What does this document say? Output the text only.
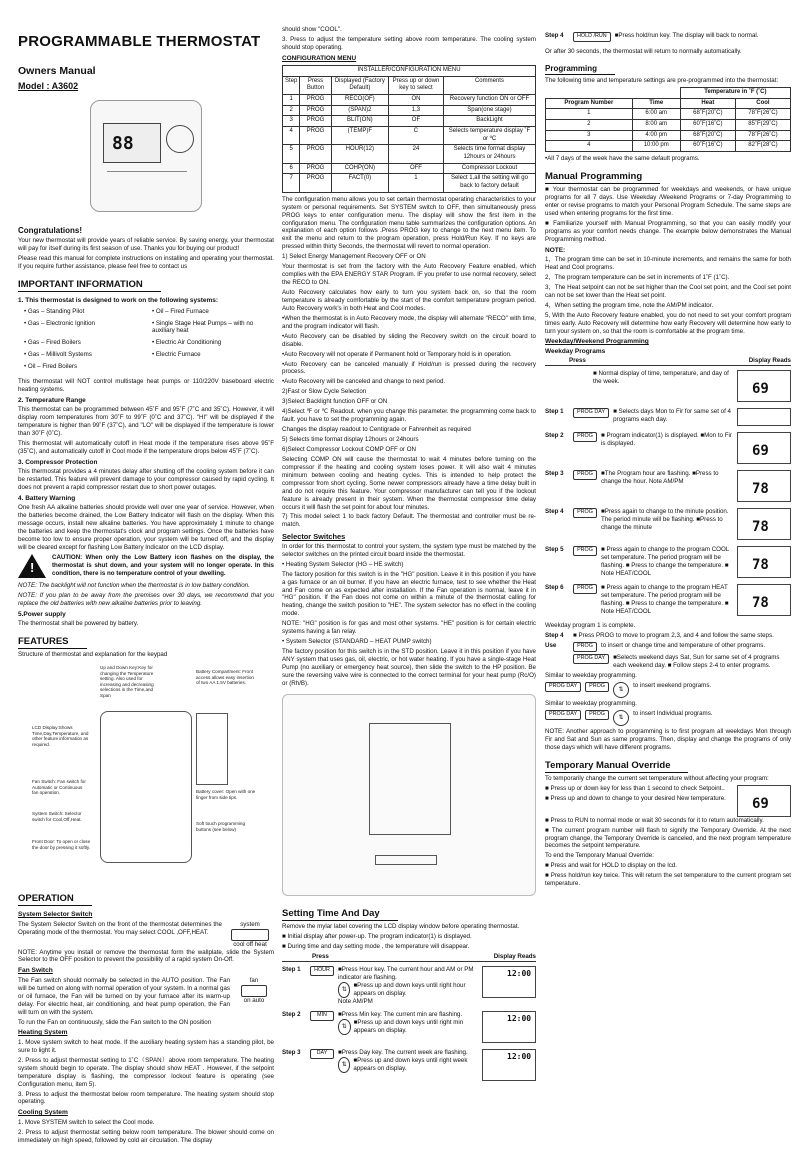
PROGRAMMABLE THERMOSTAT

Owners Manual

Model : A3602

88
Congratulations!

Your new thermostat will provide years of reliable service. By saving energy, your thermostat will pay for itself during its first season of use. Thanks you for buying our product!

Please read this manual for complete instructions on installing and operating your thermostat. If you require further assistance, please feel free to contact us

IMPORTANT INFORMATION
1. This thermostat is designed to work on the following systems:
• Gas – Standing Pilot	• Oil – Fired Furnace
• Gas – Electronic Ignition	• Single Stage Heat Pumps – with no auxiliary heat
• Gas – Fired Boilers	• Electric Air Conditioning
• Gas – Millivolt Systems	• Electric Furnace
• Oil – Fired Boilers

This thermostat will NOT control multistage heat pumps or 110/220V baseboard electric heating systems.

2. Temperature Range

This thermostat can be programmed between 45˚F and 95˚F (7˚C and 35˚C). However, it will display room temperatures from 30˚F to 99˚F (0˚C and 37˚C). "HI" will be displayed if the temperature is higher than 99˚F (37˚C), and "LO" will be displayed if the temperature is lower than 30˚F (0˚C).

This thermostat will automatically cutoff in Heat mode if the temperature rises above 95˚F (35˚C), and automatically cutoff in Cool mode if the temperature drops below 45˚F (7˚C).

3. Compressor Protection

This thermostat provides a 4 minutes delay after shutting off the cooling system before it can be restarted. This feature will prevent damage to your compressor caused by rapid cycling. It does not prevent a rapid compressor restart due to short power outages.

4. Battery Warning

One fresh AA alkaline batteries should provide well over one year of service. However, when the batteries become drained, the Low Battery Indicator will flash on the display. When this message occurs, install new alkaline batteries. You have approximately 1 minute to change the batteries and keep the thermostat's clock and program settings. Once the batteries have become too low to ensure proper operation, your system will be turned off, and the display will be cleared except for flashing Low Battery Indicator on the LCD display.

!

CAUTION: When only the Low Battery icon flashes on the display, the thermostat is shut down, and your system will no longer operate. In this condition, there is no temperature control of your dwelling.

NOTE: The backlight will not function when the thermostat is in low battery condition.

NOTE: If you plan to be away from the premises over 30 days, we recommend that you replace the old batteries with new alkaline batteries prior to leaving.

5.Power supply

The thermostat shall be powered by battery.

FEATURES

Structure of thermostat and explanation for the keypad

Up and Down Key:Key for changing the Temperature setting. Also used for increasing and decreasing selections in the Time,and Span
Battery Compartment: Front access allows easy insertion of two AA 1.5V batteries.
LCD Display:Shows Time,Day,Temperature, and other feature information as required.
Fan Switch: Fan switch for Automatic or Continuous fan operation.
System Switch: Selector switch for Cool,Off,Heat.
Front Door: To open or close the door by pressing it softly.
Battery cover: Open with one finger from side tips.
Soft touch programming buttons (see below)
OPERATION
System Selector Switch

The System Selector Switch on the front of the thermostat determines the Operating mode of the thermostat. You may select COOL ,OFF,HEAT.

system
cool off heat

NOTE: Anytime you install or remove the thermostat form the wallplate, slide the System Selector to the OFF position to prevent the possibility of a rapid system On-Off.

Fan Switch

The Fan switch should normally be selected in the AUTO position. The Fan will be turned on along with normal operation of your system. In a normal gas or oil furnace, the Fan will be turned on by your furnace after its warm-up delay. For electric heat, air conditioning, and heat pump operation, the Fan will turn on with the system.

fan
on auto

To run the Fan on continuously, slide the Fan switch to the ON position

Heating System

1. Move system switch to heat mode. If the auxiliary heating system has a standing pilot, be sure to light it.

2. Press to adjust thermostat setting to 1˚C（SPAN）above room temperature. The heating system should begin to operate. The display should show HEAT . However, if the setpoint temperature display is flashing, the compressor lockout feature is operating (see Configuration menu, item 5).

3. Press to adjust the thermostat below room temperature. The heating system should stop operating.

Cooling System

1. Move SYSTEM switch to select the Cool mode.

2. Press to adjust thermostat setting below room temperature. The blower should come on immediately on high speed, followed by cold air circulation. The display

should show "COOL".

3. Press to adjust the temperature setting above room temperature. The cooling system should stop operating.

CONFIGURATION MENU
INSTALLER/CONFIGURATION MENU				
Step	Press Button	Displayed (Factory Default)	Press up or down key to select	Comments
1	PROG	RECO(OF)	ON	Recovery function ON or OFF
2	PROG	(SPAN)2	1,3	Span(one stage)
3	PROG	BLIT(ON)	OF	BackLight
4	PROG	(TEMP)F	C	Selects temperature display ˚F or ºC
5	PROG	HOUR(12)	24	Selects time format display 12hours or 24hours
6	PROG	COHP(ON)	OFF	Compressor Lockout
7	PROG	FACT(0)	1	Select 1,all the setting will go back to factory default

The configuration menu allows you to set certain thermostat operating characteristics to your system or personal requirements. Set SYSTEM switch to OFF, then simultaneously press PROG keys to enter configuration menu. The display will show the first item in the configuration menu. The configuration menu table summarizes the configuration options. An explanation of each option follows .Press PROG key to change to the next menu item. To exit the menu and return to the program operation, press Hold/Run Key. If no keys are pressed within thirty Seconds, the thermostat will revert to normal operation.

1) Select Energy Management Recovery OFF or ON

Your thermostat is set from the factory with the Auto Recovery Feature enabled, which complies with the EPA ENERGY STAR Program. IF you prefer to use normal recovery, select the RECO to ON.

Auto Recovery calculates how early to turn you system back on, so that the room temperature is already comfortable by the start of the comfort temperature program period. Auto Recovery work's in both Heat and Cool modes.

•When the thermostat is in Auto Recovery mode, the display will alternate "RECO" with time, and the program indicator will flash.

•Auto Recovery can be disabled by sliding the Recovery switch on the circuit board to disable.

•Auto Recovery will not operate if Permanent hold or Temporary hold is in operation.

•Auto Recovery can be canceled manually if Hold/run is pressed during the recovery process.

•Auto Recovery will be canceled and change to next period.

2)Fast or Slow Cycle Selection

3)Select Backlight function OFF or ON

4)Select ℉ or ℃ Readout. when you change this parameter. the programming come back to fault. you have to set the programming again.

Changes the display readout to Centigrade or Fahrenheit as required

5) Selects time format display 12hours or 24hours

6)Select Compressor Lockout COMP OFF or ON

Selecting COMP ON will cause the thermostat to wait 4 minutes before turning on the compressor if the heating and cooling system loses power. It will also wait 4 minutes minimum between cooling and heating cycles. This is intended to help protect the compressor from short cycling. Some newer compressors already have a time delay built in and do not require this feature. Your compressor manufacturer can tell you if the lockout feature is already present in their system. When the thermostat compressor time delay occurs it will flash the set point for about four minutes.

7) This model select 1 to back factory Default. The thermostat and controller must be re-match.

Selector Switches

In order for this thermostat to control your system, the system type must be matched by the selector switches on the printed circuit board inside the thermostat.

• Heating System Selector (HG – HE switch)

The factory position for this switch is in the "HG" position. Leave it in this position if you have a gas furnace or an oil burner. If you have an electric furnace, test to see whether the Heat and Fan come on as expected after installation. If the Fan operation is normal, leave it in "HG" position. If the Fan does not come on within a minute of the thermostat calling for heating, change the switch position to "HE". The system selector has no effect in the cooling mode.

NOTE: "HG" position is for gas and most other systems. "HE" position is for certain electric systems having a fan relay.

• System Selector (STANDARD – HEAT PUMP switch)

The factory position for this switch is in the STD position. Leave it in this position if you have ANY system that uses gas, oil, electric, or hot water heating. If you have a single-stage Heat Pump (no auxiliary or emergency heat source), then slide the switch to the HP position. Be sure the reversing valve wire is connected to the correct terminal for your heat pump (Rc/O) or (Rh/B).

Setting Time And Day

Remove the mylar label covering the LCD display window before operating thermostat.

■ Initial display after power-up. The program indicator(1) is displayed.

■ During time and day setting mode , the temperature will disappear.

Press	Display Reads
Step 1	HOUR	■Press Hour key. The current hour and AM or PM indicator are flashing.
⇅
■Press up and down keys until right hour appears on display.
Note AM/PM
12:00
Step 2	MIN	■Press Min key. The current min are flashing.
⇅
■Press up and down keys until right min appears on display.
12:00
Step 3	DAY	■Press Day key. The current week are flashing.
⇅
■Press up and down keys until right week appears on display.
12:00
Step 4	HOLD /RUN	■Press hold/run key. The display will back to normal.

Or after 30 seconds, the thermostat will return to normally automatically.

Programming

The following time and temperature settings are pre-programmed into the thermostat:

		Temperature in ˚F (˚C)	
Program Number	Time	Heat	Cool
1	6:00 am	68˚F(20˚C)	78˚F(26˚C)
2	8:00 am	60˚F(16˚C)	85˚F(29˚C)
3	4:00 pm	68˚F(20˚C)	78˚F(26˚C)
4	10:00 pm	60˚F(16˚C)	82˚F(28˚C)

•All 7 days of the week have the same default programs.

Manual Programming

■ Your thermostat can be programmed for weekdays and weekends, or have unique programs for all 7 days. Use Weekday /Weekend Programs or 7-day Programming to enter or revise programs to match your Personal Program Schedule. The same steps are used when entering programs for the first time.

■ Familiarize yourself with Manual Programming, so that you can easily modify your programs as your comfort needs change. The example below demonstrates the Manual Programming method.

NOTE:

1，The program time can be set in 10-minute increments, and remains the same for both Heat and Cool programs.

2，The program temperature can be set in increments of 1˚F (1˚C).

3，The Heat setpoint can not be set higher than the Cool set point, and the Cool set point can not be set lower than the Heat set point.

4，When setting the program time, note the AM/PM indicator.

5, With the Auto Recovery feature enabled, you do not need to set your comfort program times early. Auto Recovery will determine how early Recovery will determine how early to turn your system on, so that the room is comfortable at the program time.

Weekday/Weekend Programming
Weekday Programs
Press	Display Reads
■ Normal display of time, temperature, and day of the week.	69
Step 1	PROG DAY	■ Selects days Mon to Fir for same set of 4 programs each day.
Step 2	PROG	■ Program indicator(1) is displayed. ■Mon to Fir is displayed.	69
Step 3	PROG	■The Program hour are flashing. ■Press to change the hour. Note AM/PM	78
Step 4	PROG	■Press again to change to the minute position. The period minute will be flashing. ■Press to change the minute	78
Step 5	PROG	■ Press again to change to the program COOL set temperature. The period program will be flashing. ■ Press to change the temperature. ■ Note HEAT/COOL
78
Step 6	PROG	■ Press again to change to the program HEAT set temperature. The period program will be flashing. ■ Press to change the temperature. ■ Note HEAT/COOL
78

Weekday program 1 is complete.

Step 4	■ Press PROG to move to program 2,3, and 4 and follow the same steps.
Use	PROG	to insert or change time and temperature of other programs.
PROG DAY	■Selects weekend days Sat, Sun for same set of 4 programs each weekend day. ■ Follow steps 2-4 to enter programs.

Similar to weekday programming.

PROG DAY	PROG
⇅
to insert weekend programs.

Similar to weekday programming.

PROG DAY	PROG
⇅
to insert Individual programs.

NOTE: Another approach to programming is to first program all weekdays Mon through Fir and Sat and Sun as same programs. Then, display and change the programs of only those days which will have different programs.

Temporary Manual Override

To temporarily change the current set temperature without affecting your program:

■ Press up or down key for less than 1 second to check Setpoint..

■ Press up and down to change to your desired New temperature.	69

■ Press to RUN to normal mode or wait 30 seconds for it to return automatically.

■ The current program number will flash to signify the Temporary Override. At the next program change, the Temporary Override is canceled, and the next program temperature becomes the setpoint temperature.

To end the Temporary Manual Override:

■ Press and wait for HOLD to display on the lcd.

■ Press hold/run key twice. This will return the set temperature to the current program set temperature.
